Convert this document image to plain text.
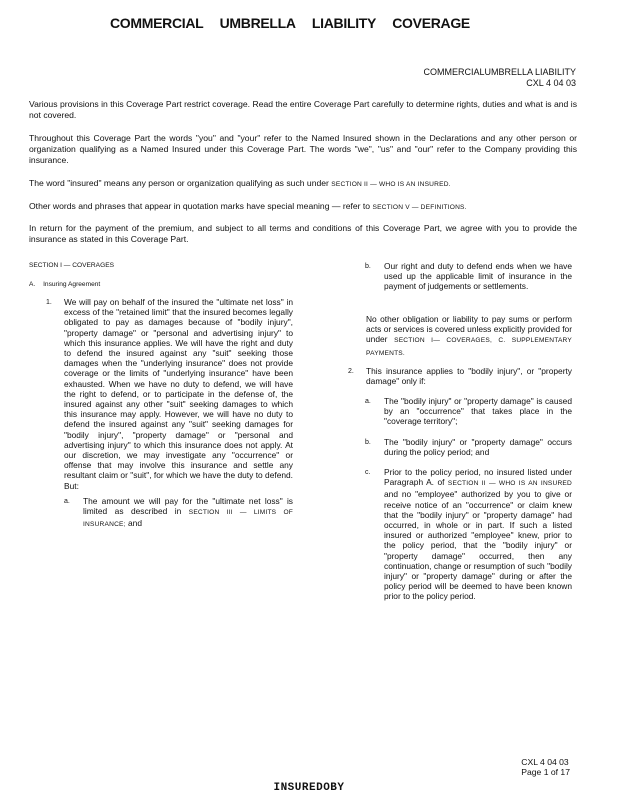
COMMERCIAL UMBRELLA LIABILITY COVERAGE
COMMERCIALUMBRELLA LIABILITY
CXL 4 04 03
Various provisions in this Coverage Part restrict coverage. Read the entire Coverage Part carefully to determine rights, duties and what is and is not covered.
Throughout this Coverage Part the words "you" and "your" refer to the Named Insured shown in the Declarations and any other person or organization qualifying as a Named Insured under this Coverage Part. The words "we", "us" and "our" refer to the Company providing this insurance.
The word "insured" means any person or organization qualifying as such under SECTION II — WHO IS AN INSURED.
Other words and phrases that appear in quotation marks have special meaning — refer to SECTION V — DEFINITIONS.
In return for the payment of the premium, and subject to all terms and conditions of this Coverage Part, we agree with you to provide the insurance as stated in this Coverage Part.
SECTION I — COVERAGES
A. Insuring Agreement
1. We will pay on behalf of the insured the "ultimate net loss" in excess of the "retained limit" that the insured becomes legally obligated to pay as damages because of "bodily injury", "property damage" or "personal and advertising injury" to which this insurance applies. We will have the right and duty to defend the insured against any "suit" seeking those damages when the "underlying insurance" does not provide coverage or the limits of "underlying insurance" have been exhausted. When we have no duty to defend, we will have the right to defend, or to participate in the defense of, the insured against any other "suit" seeking damages to which this insurance may apply. However, we will have no duty to defend the insured against any "suit" seeking damages for "bodily injury", "property damage" or "personal and advertising injury" to which this insurance does not apply. At our discretion, we may investigate any "occurrence" or offense that may involve this insurance and settle any resultant claim or "suit", for which we have the duty to defend. But:
a. The amount we will pay for the "ultimate net loss" is limited as described in SECTION III — LIMITS OF INSURANCE; and
b. Our right and duty to defend ends when we have used up the applicable limit of insurance in the payment of judgements or settlements.
No other obligation or liability to pay sums or perform acts or services is covered unless explicitly provided for under SECTION I— COVERAGES, C. SUPPLEMENTARY PAYMENTS.
2. This insurance applies to "bodily injury", or "property damage" only if:
a. The "bodily injury" or "property damage" is caused by an "occurrence" that takes place in the "coverage territory";
b. The "bodily injury" or "property damage" occurs during the policy period; and
c. Prior to the policy period, no insured listed under Paragraph A. of SECTION II — WHO IS AN INSURED and no "employee" authorized by you to give or receive notice of an "occurrence" or claim knew that the "bodily injury" or "property damage" had occurred, in whole or in part. If such a listed insured or authorized "employee" knew, prior to the policy period, that the "bodily injury" or "property damage" occurred, then any continuation, change or resumption of such "bodily injury" or "property damage" during or after the policy period will be deemed to have been known prior to the policy period.
CXL 4 04 03
Page 1 of 17
INSUREDOBY
